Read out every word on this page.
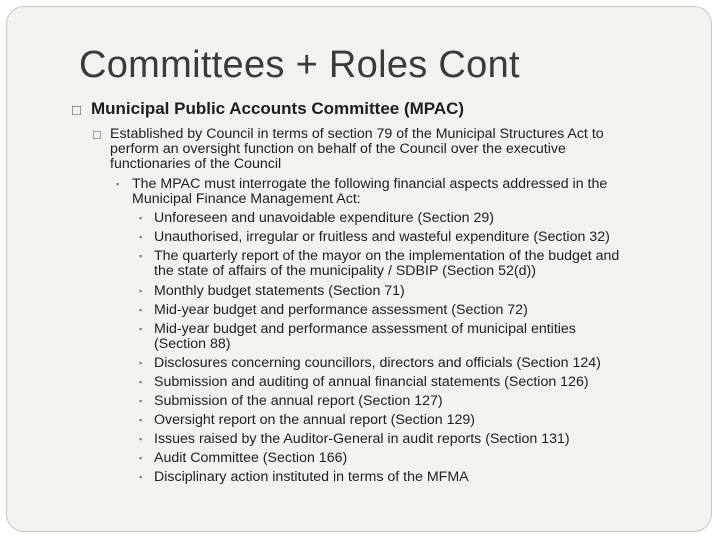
Committees + Roles Cont
□ Municipal Public Accounts Committee (MPAC)
□ Established by Council in terms of section 79 of the Municipal Structures Act to
perform an oversight function on behalf of the Council over the executive
functionaries of the Council
▪ The MPAC must interrogate the following financial aspects addressed in the
Municipal Finance Management Act:
▪ Unforeseen and unavoidable expenditure (Section 29)
▪ Unauthorised, irregular or fruitless and wasteful expenditure (Section 32)
▪ The quarterly report of the mayor on the implementation of the budget and
the state of affairs of the municipality / SDBIP (Section 52(d))
▪ Monthly budget statements (Section 71)
▪ Mid-year budget and performance assessment (Section 72)
▪ Mid-year budget and performance assessment of municipal entities
(Section 88)
▪ Disclosures concerning councillors, directors and officials (Section 124)
▪ Submission and auditing of annual financial statements (Section 126)
▪ Submission of the annual report (Section 127)
▪ Oversight report on the annual report (Section 129)
▪ Issues raised by the Auditor-General in audit reports (Section 131)
▪ Audit Committee (Section 166)
▪ Disciplinary action instituted in terms of the MFMA
